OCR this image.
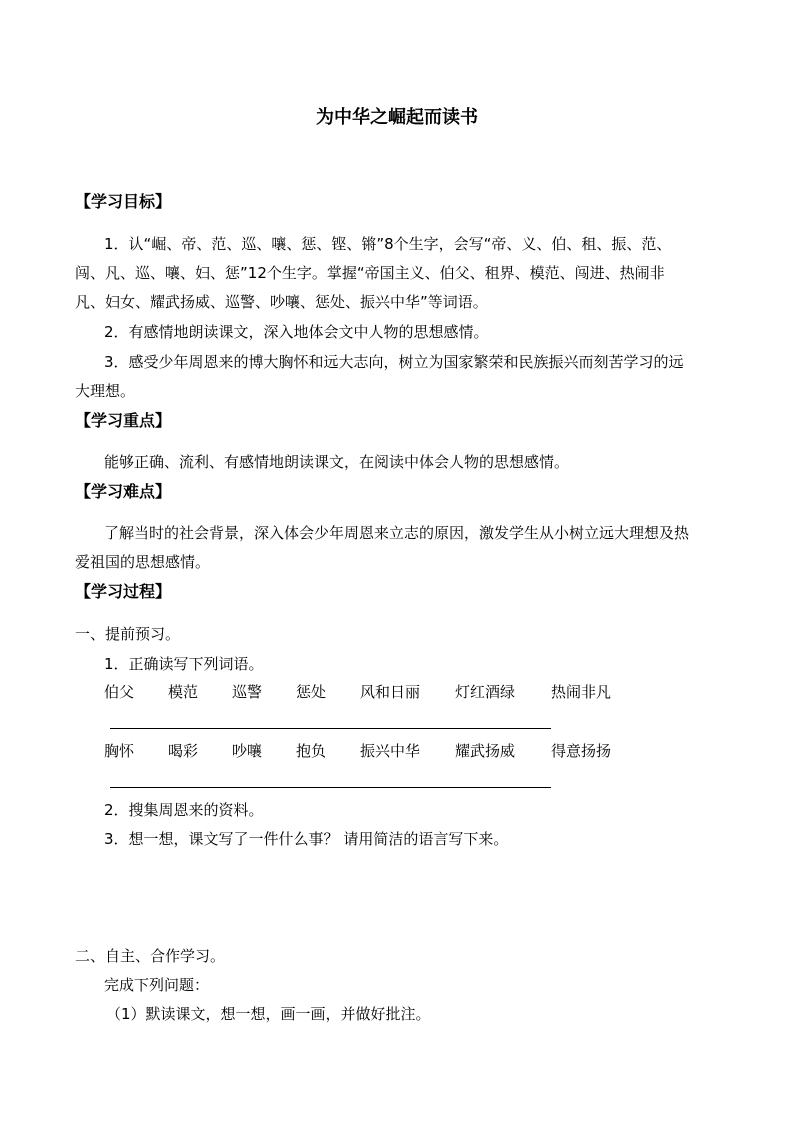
为中华之崛起而读书
【学习目标】
1．认“崛、帝、范、巡、嚷、惩、铿、锵”8个生字，会写“帝、义、伯、租、振、范、
闯、凡、巡、嚷、妇、惩”12个生字。掌握“帝国主义、伯父、租界、模范、闯进、热闹非
凡、妇女、耀武扬威、巡警、吵嚷、惩处、振兴中华”等词语。
2．有感情地朗读课文，深入地体会文中人物的思想感情。
3．感受少年周恩来的博大胸怀和远大志向，树立为国家繁荣和民族振兴而刻苦学习的远
大理想。
【学习重点】
能够正确、流利、有感情地朗读课文，在阅读中体会人物的思想感情。
【学习难点】
了解当时的社会背景，深入体会少年周恩来立志的原因，激发学生从小树立远大理想及热
爱祖国的思想感情。
【学习过程】
一、提前预习。
1．正确读写下列词语。
伯父 模范 巡警 惩处 风和日丽 灯红酒绿 热闹非凡
胸怀 喝彩 吵嚷 抱负 振兴中华 耀武扬威 得意扬扬
2．搜集周恩来的资料。
3．想一想，课文写了一件什么事？ 请用简洁的语言写下来。
二、自主、合作学习。
完成下列问题：
（1）默读课文，想一想，画一画，并做好批注。
